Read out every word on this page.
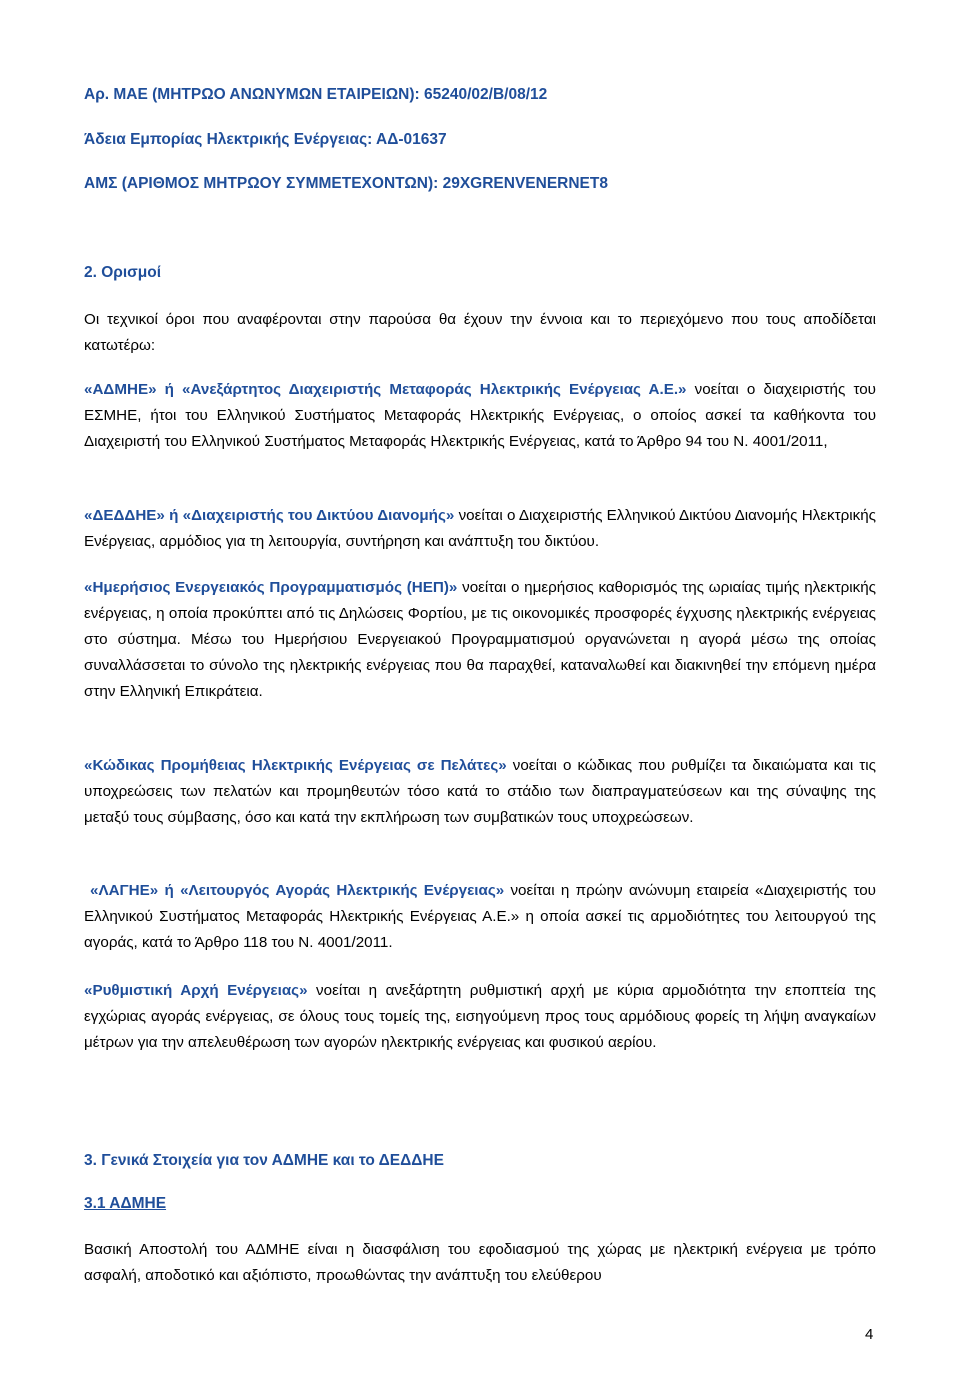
Αρ. ΜΑΕ (ΜΗΤΡΩΟ ΑΝΩΝΥΜΩΝ ΕΤΑΙΡΕΙΩΝ): 65240/02/Β/08/12
Άδεια Εμπορίας Ηλεκτρικής Ενέργειας: ΑΔ-01637
ΑΜΣ (ΑΡΙΘΜΟΣ ΜΗΤΡΩΟΥ ΣΥΜΜΕΤΕΧΟΝΤΩΝ): 29XGRENVENERNET8
2. Ορισμοί
Οι τεχνικοί όροι που αναφέρονται στην παρούσα θα έχουν την έννοια και το περιεχόμενο που τους αποδίδεται κατωτέρω:
«ΑΔΜΗΕ» ή «Ανεξάρτητος Διαχειριστής Μεταφοράς Ηλεκτρικής Ενέργειας Α.Ε.» νοείται ο διαχειριστής του ΕΣΜΗΕ, ήτοι του Ελληνικού Συστήματος Μεταφοράς Ηλεκτρικής Ενέργειας, ο οποίος ασκεί τα καθήκοντα του Διαχειριστή του Ελληνικού Συστήματος Μεταφοράς Ηλεκτρικής Ενέργειας, κατά το Άρθρο 94 του Ν. 4001/2011,
«ΔΕΔΔΗΕ» ή «Διαχειριστής του Δικτύου Διανομής» νοείται ο Διαχειριστής Ελληνικού Δικτύου Διανομής Ηλεκτρικής Ενέργειας, αρμόδιος για τη λειτουργία, συντήρηση και ανάπτυξη του δικτύου.
«Ημερήσιος Ενεργειακός Προγραμματισμός (ΗΕΠ)» νοείται ο ημερήσιος καθορισμός της ωριαίας τιμής ηλεκτρικής ενέργειας, η οποία προκύπτει από τις Δηλώσεις Φορτίου, με τις οικονομικές προσφορές έγχυσης ηλεκτρικής ενέργειας στο σύστημα. Μέσω του Ημερήσιου Ενεργειακού Προγραμματισμού οργανώνεται η αγορά μέσω της οποίας συναλλάσσεται το σύνολο της ηλεκτρικής ενέργειας που θα παραχθεί, καταναλωθεί και διακινηθεί την επόμενη ημέρα στην Ελληνική Επικράτεια.
«Κώδικας Προμήθειας Ηλεκτρικής Ενέργειας σε Πελάτες» νοείται ο κώδικας που ρυθμίζει τα δικαιώματα και τις υποχρεώσεις των πελατών και προμηθευτών τόσο κατά το στάδιο των διαπραγματεύσεων και της σύναψης της μεταξύ τους σύμβασης, όσο και κατά την εκπλήρωση των συμβατικών τους υποχρεώσεων.
«ΛΑΓΗΕ» ή «Λειτουργός Αγοράς Ηλεκτρικής Ενέργειας» νοείται η πρώην ανώνυμη εταιρεία «Διαχειριστής του Ελληνικού Συστήματος Μεταφοράς Ηλεκτρικής Ενέργειας Α.Ε.» η οποία ασκεί τις αρμοδιότητες του λειτουργού της αγοράς, κατά το Άρθρο 118 του Ν. 4001/2011.
«Ρυθμιστική Αρχή Ενέργειας» νοείται η ανεξάρτητη ρυθμιστική αρχή με κύρια αρμοδιότητα την εποπτεία της εγχώριας αγοράς ενέργειας, σε όλους τους τομείς της, εισηγούμενη προς τους αρμόδιους φορείς τη λήψη αναγκαίων μέτρων για την απελευθέρωση των αγορών ηλεκτρικής ενέργειας και φυσικού αερίου.
3. Γενικά Στοιχεία για τον ΑΔΜΗΕ και το ΔΕΔΔΗΕ
3.1 ΑΔΜΗΕ
Βασική Αποστολή του ΑΔΜΗΕ είναι η διασφάλιση του εφοδιασμού της χώρας με ηλεκτρική ενέργεια με τρόπο ασφαλή, αποδοτικό και αξιόπιστο, προωθώντας την ανάπτυξη του ελεύθερου
4
